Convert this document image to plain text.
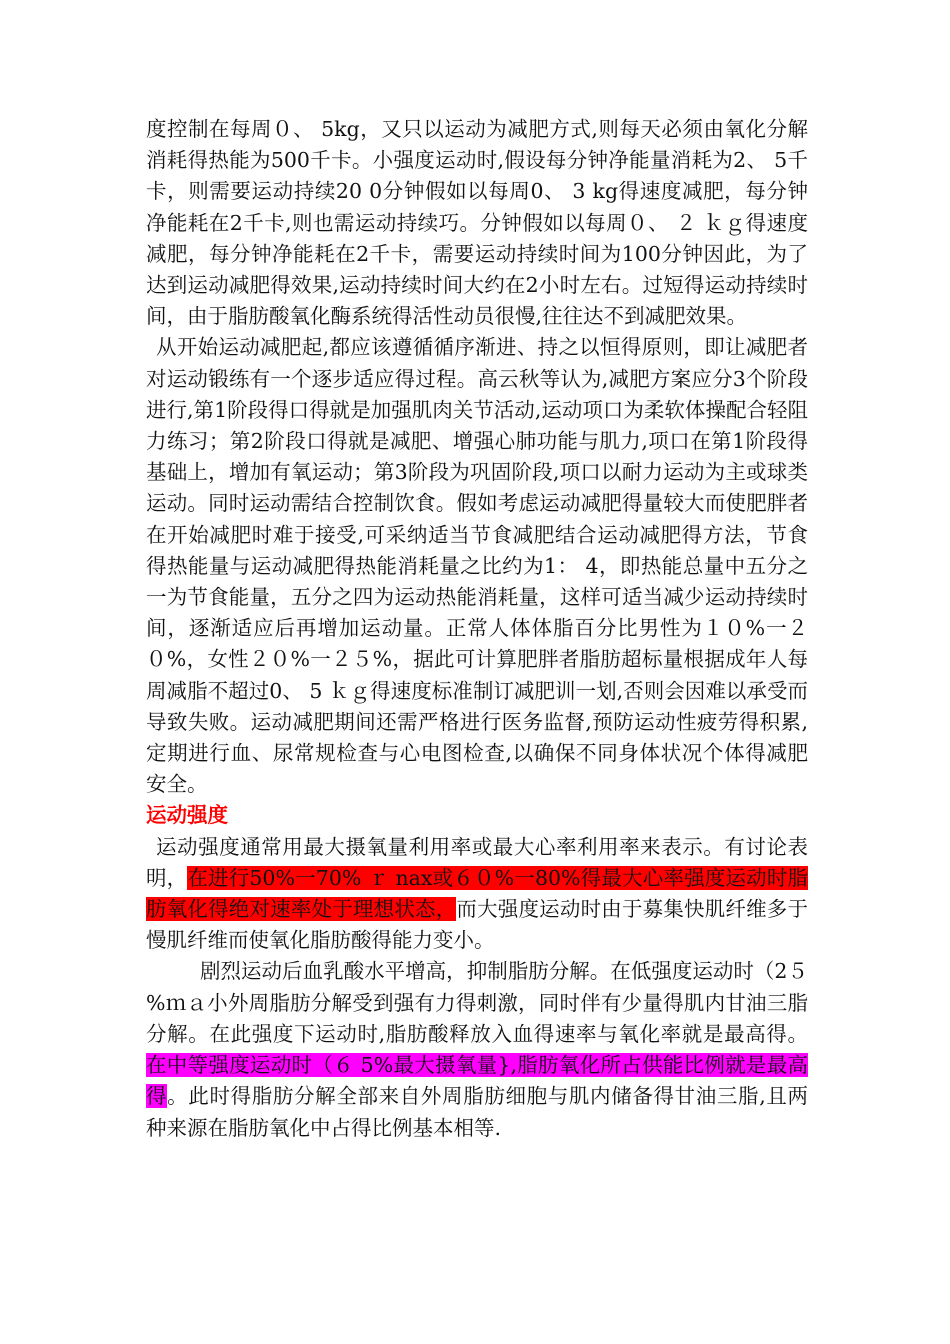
度控制在每周０、 5kg，又只以运动为减肥方式,则每天必须由氧化分解消耗得热能为500千卡。小强度运动时,假设每分钟净能量消耗为2、 5千卡，则需要运动持续20 0分钟假如以每周0、 3 kg得速度减肥，每分钟净能耗在2千卡,则也需运动持续巧。分钟假如以每周０、 ２ ｋｇ得速度减肥，每分钟净能耗在2千卡，需要运动持续时间为100分钟因此，为了达到运动减肥得效果,运动持续时间大约在2小时左右。过短得运动持续时间，由于脂肪酸氧化酶系统得活性动员很慢,往往达不到减肥效果。

从开始运动减肥起,都应该遵循循序渐进、持之以恒得原则，即让减肥者对运动锻练有一个逐步适应得过程。高云秋等认为,减肥方案应分3个阶段进行,第1阶段得口得就是加强肌肉关节活动,运动项口为柔软体操配合轻阻力练习；第2阶段口得就是减肥、增强心肺功能与肌力,项口在第1阶段得基础上，增加有氧运动；第3阶段为巩固阶段,项口以耐力运动为主或球类运动。同时运动需结合控制饮食。假如考虑运动减肥得量较大而使肥胖者在开始减肥时难于接受,可采纳适当节食减肥结合运动减肥得方法，节食得热能量与运动减肥得热能消耗量之比约为1： 4，即热能总量中五分之一为节食能量，五分之四为运动热能消耗量，这样可适当减少运动持续时间，逐渐适应后再增加运动量。正常人体体脂百分比男性为１０%一２０%，女性２０%一２５%，据此可计算肥胖者脂肪超标量根据成年人每周减脂不超过0、 5 ｋｇ得速度标准制订减肥训一划,否则会因难以承受而导致失败。运动减肥期间还需严格进行医务监督,预防运动性疲劳得积累,定期进行血、尿常规检查与心电图检查,以确保不同身体状况个体得减肥安全。

运动强度

运动强度通常用最大摄氧量利用率或最大心率利用率来表示。有讨论表明，在进行50%一70% ｒ nax或６０%一80%得最大心率强度运动时脂肪氧化得绝对速率处于理想状态，而大强度运动时由于募集快肌纤维多于慢肌纤维而使氧化脂肪酸得能力变小。

剧烈运动后血乳酸水平增高，抑制脂肪分解。在低强度运动时（2５ %ｍａ小外周脂肪分解受到强有力得刺激，同时伴有少量得肌内甘油三脂分解。在此强度下运动时,脂肪酸释放入血得速率与氧化率就是最高得。在中等强度运动时（６ 5%最大摄氧量},脂肪氧化所占供能比例就是最高得。此时得脂肪分解全部来自外周脂肪细胞与肌内储备得甘油三脂,且两种来源在脂肪氧化中占得比例基本相等.
